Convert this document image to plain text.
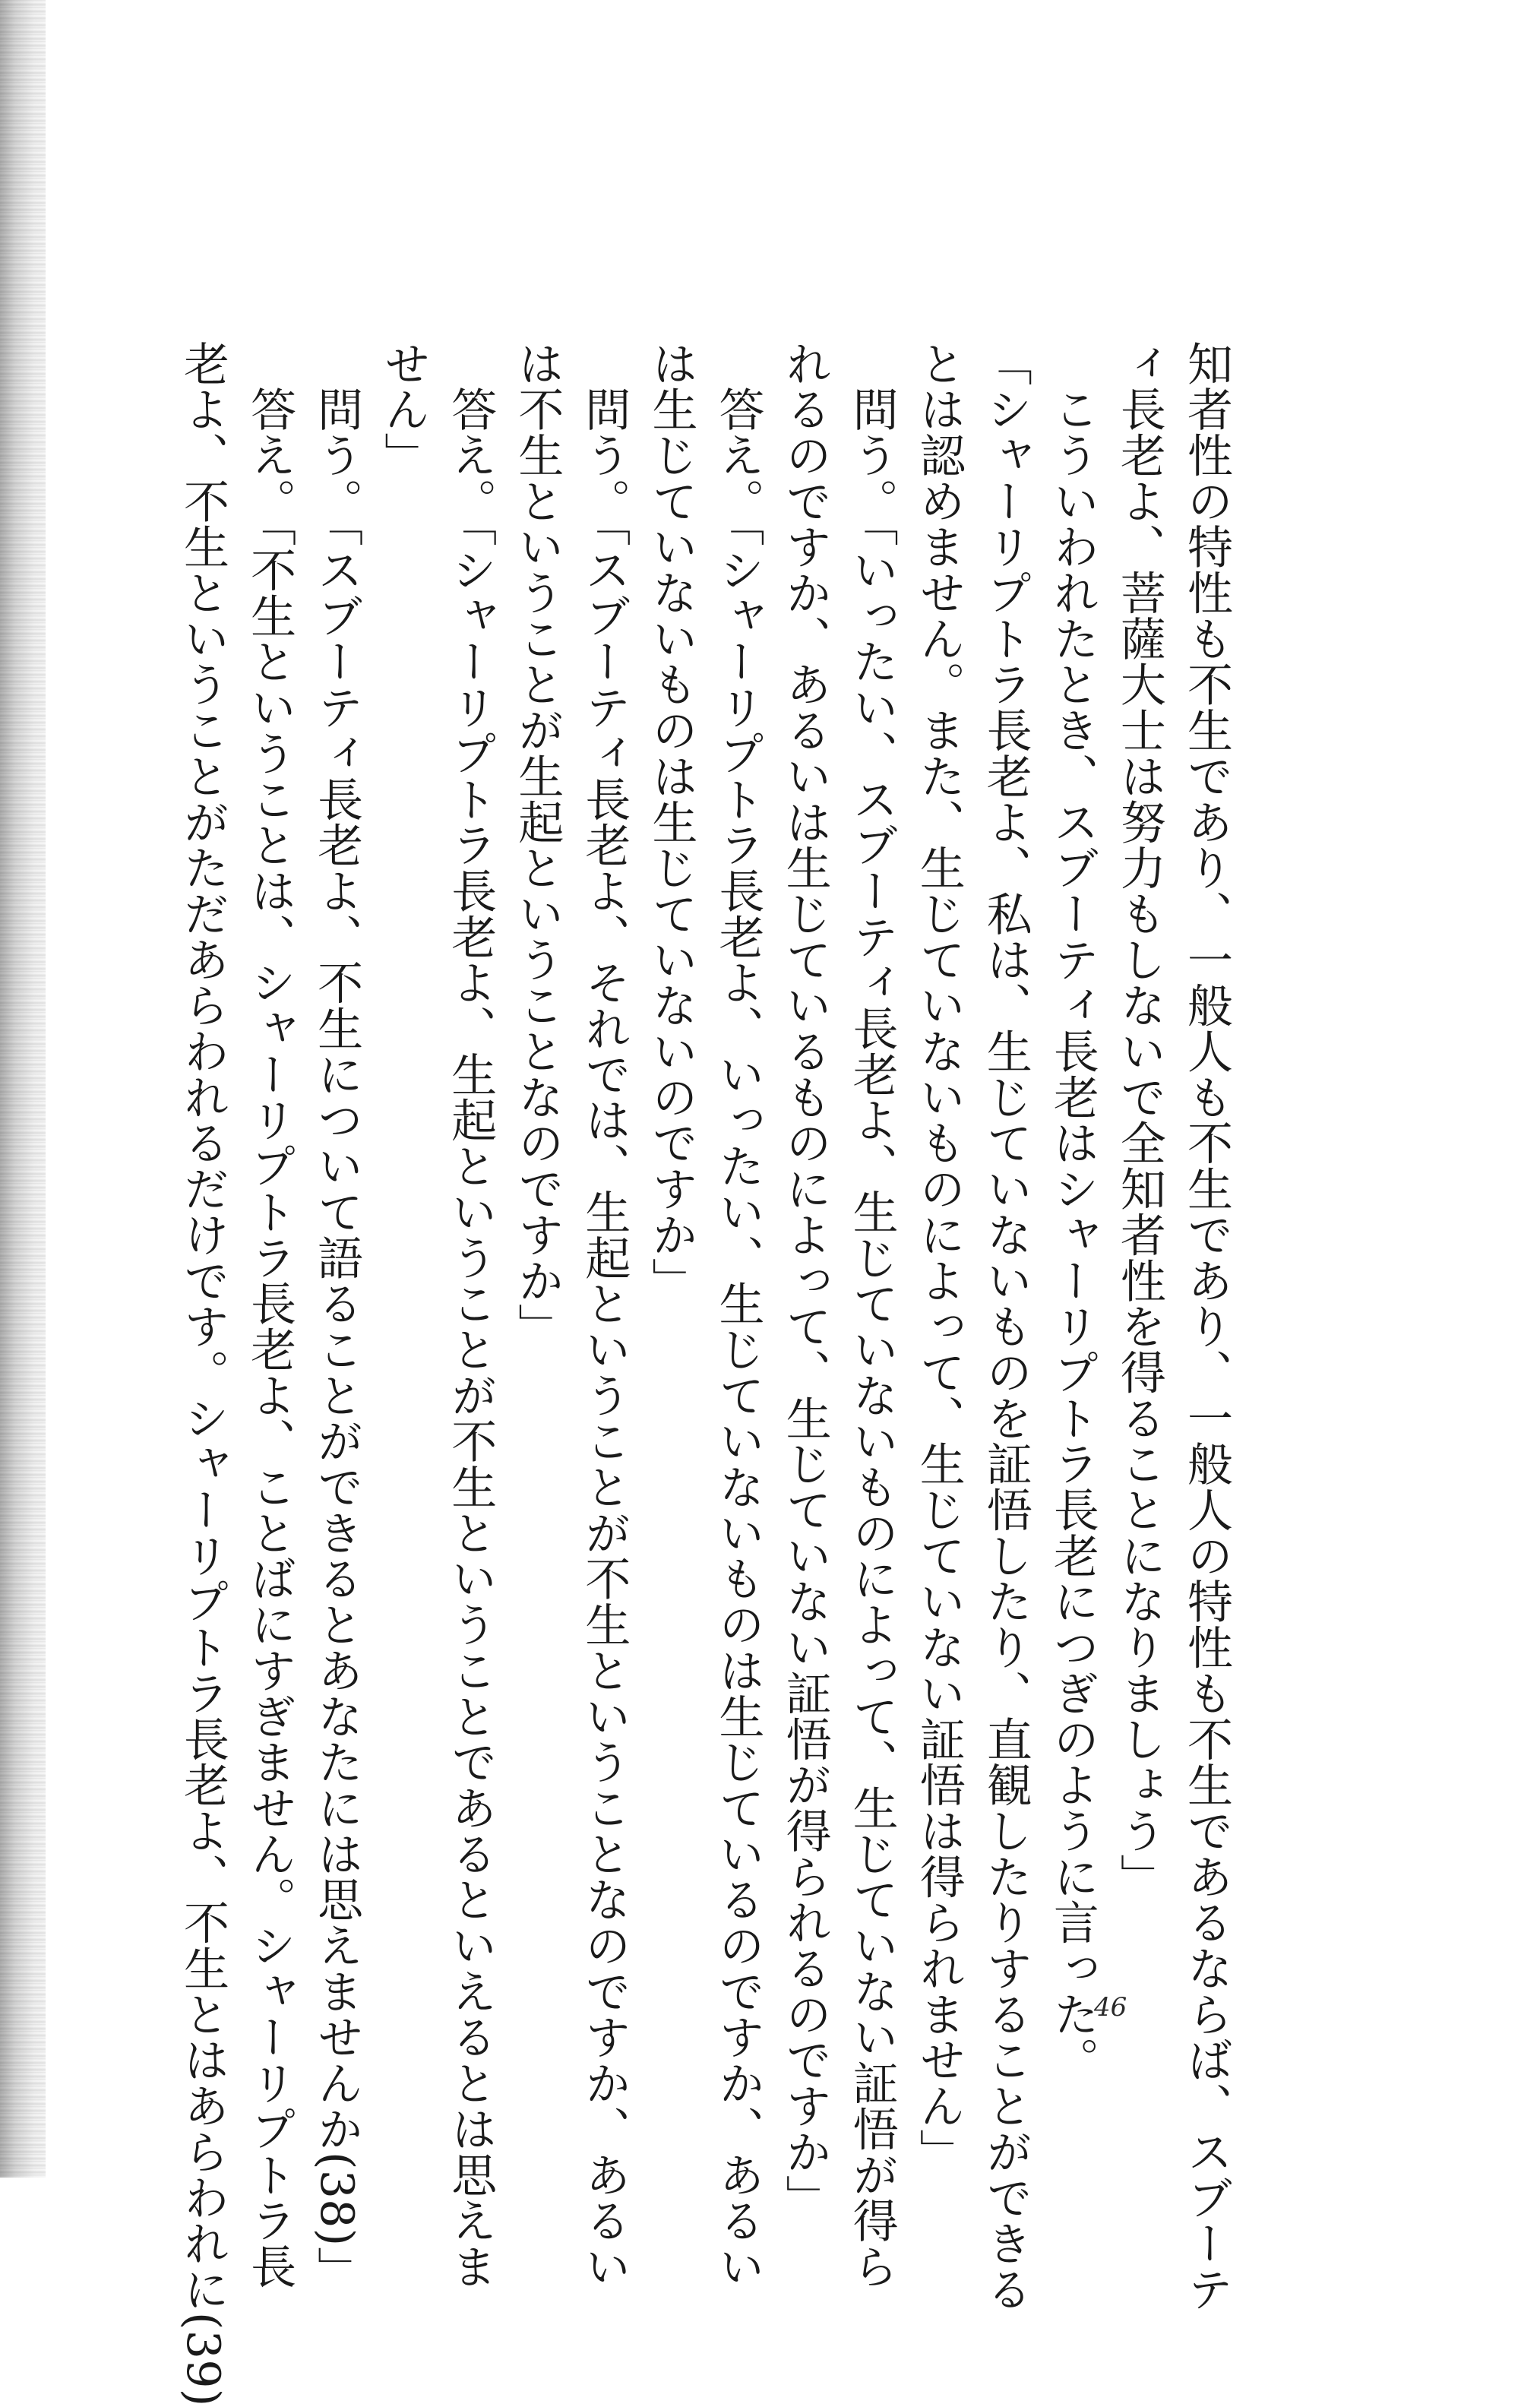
知者性の特性も不生であり、一般人も不生であり、一般人の特性も不生であるならば、スブーテ
ィ長老よ、菩薩大士は努力もしないで全知者性を得ることになりましょう」
　こういわれたとき、スブーティ長老はシャーリプトラ長老につぎのように言った。
「シャーリプトラ長老よ、私は、生じていないものを証悟したり、直観したりすることができる
とは認めません。また、生じていないものによって、生じていない証悟は得られません」
　問う。「いったい、スブーティ長老よ、生じていないものによって、生じていない証悟が得ら
れるのですか、あるいは生じているものによって、生じていない証悟が得られるのですか」
　答え。「シャーリプトラ長老よ、いったい、生じていないものは生じているのですか、あるい
は生じていないものは生じていないのですか」
　問う。「スブーティ長老よ、それでは、生起ということが不生ということなのですか、あるい
は不生ということが生起ということなのですか」
　答え。「シャーリプトラ長老よ、生起ということが不生ということであるといえるとは思えま
せん」
　問う。「スブーティ長老よ、不生について語ることができるとあなたには思えませんか(38)」
　答え。「不生ということは、シャーリプトラ長老よ、ことばにすぎません。シャーリプトラ長
老よ、不生ということがただあらわれるだけです。シャーリプトラ長老よ、不生とはあらわれに(39)	46
